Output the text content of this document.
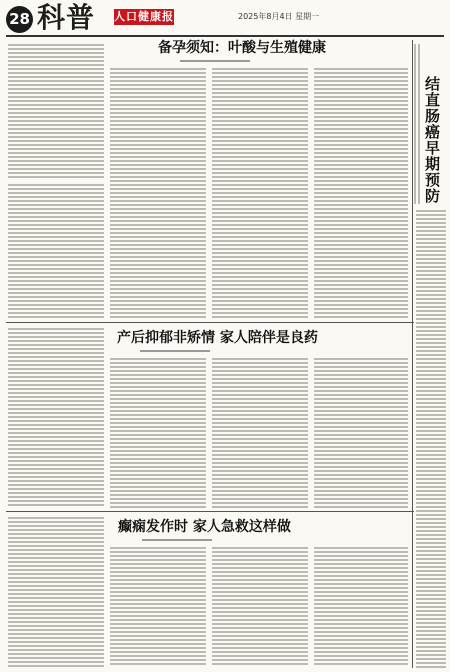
28 科普 人口健康报	2025年8月4日 星期一
备孕须知：叶酸与生殖健康
产后抑郁非矫情 家人陪伴是良药
癫痫发作时 家人急救这样做
结直肠癌 早期预防
